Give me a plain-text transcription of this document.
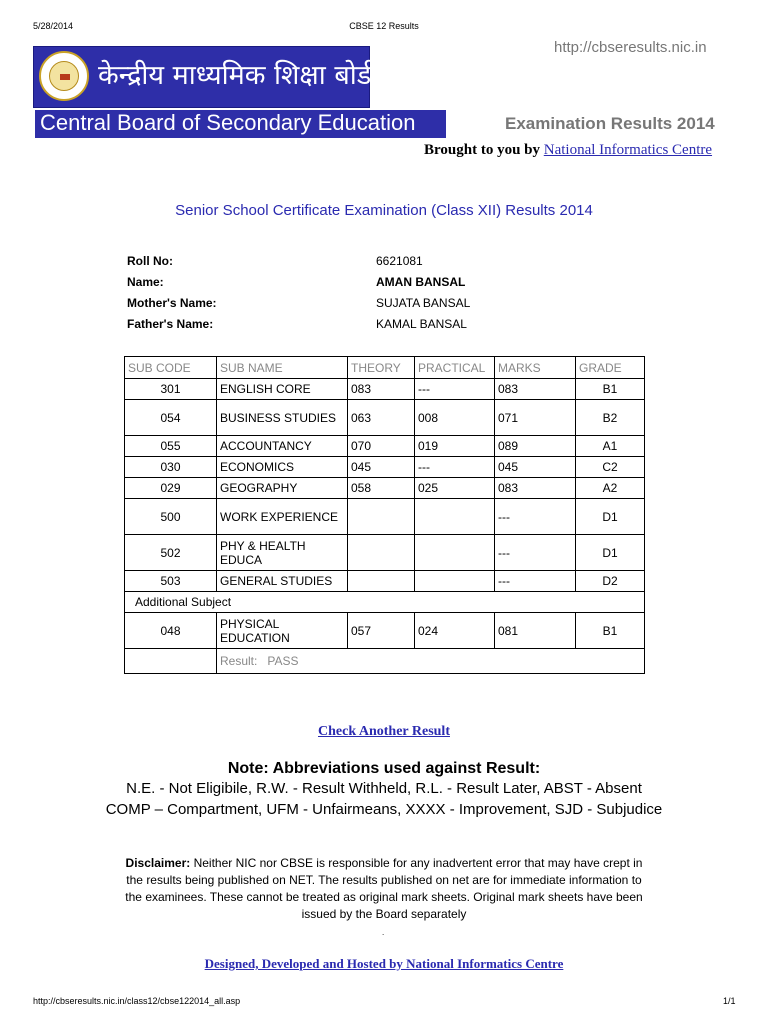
5/28/2014	CBSE 12 Results
http://cbseresults.nic.in
केन्द्रीय माध्यमिक शिक्षा बोर्ड
Central Board of Secondary Education	Examination Results 2014
Brought to you by National Informatics Centre
Senior School Certificate Examination (Class XII) Results 2014
Roll No:	6621081
Name:	AMAN BANSAL
Mother's Name:	SUJATA BANSAL
Father's Name:	KAMAL BANSAL
SUB CODE	SUB NAME	THEORY	PRACTICAL	MARKS	GRADE
301	ENGLISH CORE	083	---	083	B1
054	BUSINESS STUDIES	063	008	071	B2
055	ACCOUNTANCY	070	019	089	A1
030	ECONOMICS	045	---	045	C2
029	GEOGRAPHY	058	025	083	A2
500	WORK EXPERIENCE			---	D1
502	PHY & HEALTH EDUCA			---	D1
503	GENERAL STUDIES			---	D2
Additional Subject					
048	PHYSICAL EDUCATION	057	024	081	B1
	Result: PASS				
Check Another Result
Note: Abbreviations used against Result:
N.E. - Not Eligibile, R.W. - Result Withheld, R.L. - Result Later, ABST - Absent
COMP – Compartment, UFM - Unfairmeans, XXXX - Improvement, SJD - Subjudice
Disclaimer: Neither NIC nor CBSE is responsible for any inadvertent error that may have crept in the results being published on NET. The results published on net are for immediate information to the examinees. These cannot be treated as original mark sheets. Original mark sheets have been issued by the Board separately
.
Designed, Developed and Hosted by National Informatics Centre
http://cbseresults.nic.in/class12/cbse122014_all.asp	1/1
